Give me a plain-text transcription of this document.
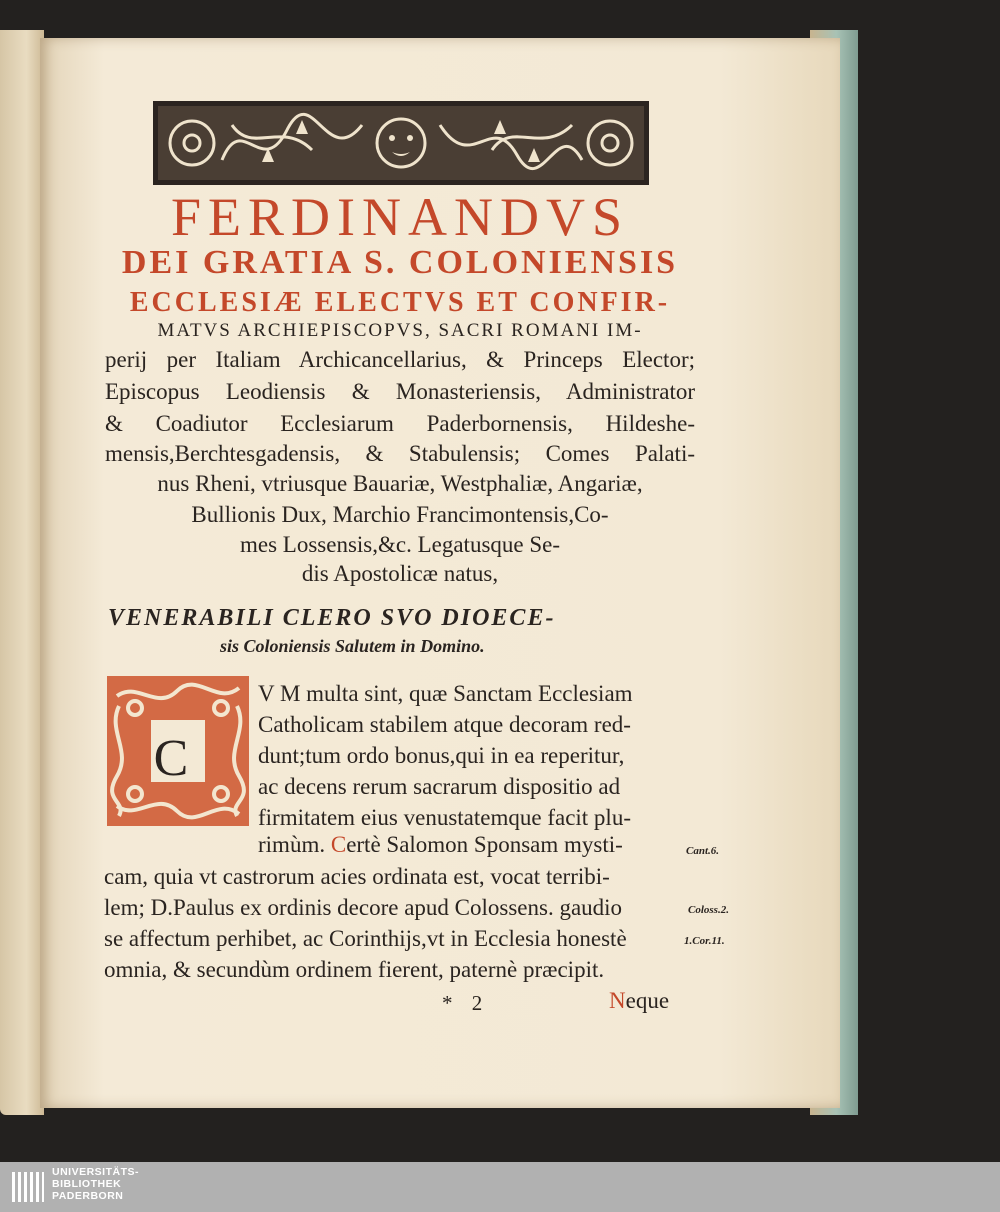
FERDINANDVS
DEI GRATIA S. COLONIENSIS
ECCLESIÆ ELECTVS ET CONFIR-
MATVS ARCHIEPISCOPVS, SACRI ROMANI IM-
perij per Italiam Archicancellarius, & Princeps Elector;
Episcopus Leodiensis & Monasteriensis, Administrator
& Coadiutor Ecclesiarum Paderbornensis, Hildeshe-
mensis,Berchtesgadensis, & Stabulensis; Comes Palati-
nus Rheni, vtriusque Bauariæ, Westphaliæ, Angariæ,
Bullionis Dux, Marchio Francimontensis,Co-
mes Lossensis,&c. Legatusque Se-
dis Apostolicæ natus,
VENERABILI CLERO SVO DIOECE-
sis Coloniensis Salutem in Domino.
C
V M multa sint, quæ Sanctam Ecclesiam
Catholicam stabilem atque decoram red-
dunt;tum ordo bonus,qui in ea reperitur,
ac decens rerum sacrarum dispositio ad
firmitatem eius venustatemque facit plu-
rimùm. Certè Salomon Sponsam mysti-
cam, quia vt castrorum acies ordinata est, vocat terribi-
lem; D.Paulus ex ordinis decore apud Colossens. gaudio
se affectum perhibet, ac Corinthijs,vt in Ecclesia honestè
omnia, & secundùm ordinem fierent, paternè præcipit.
Cant.6.
Coloss.2.
1.Cor.11.
* 2	Neque
UNIVERSITÄTS-
BIBLIOTHEK
PADERBORN
